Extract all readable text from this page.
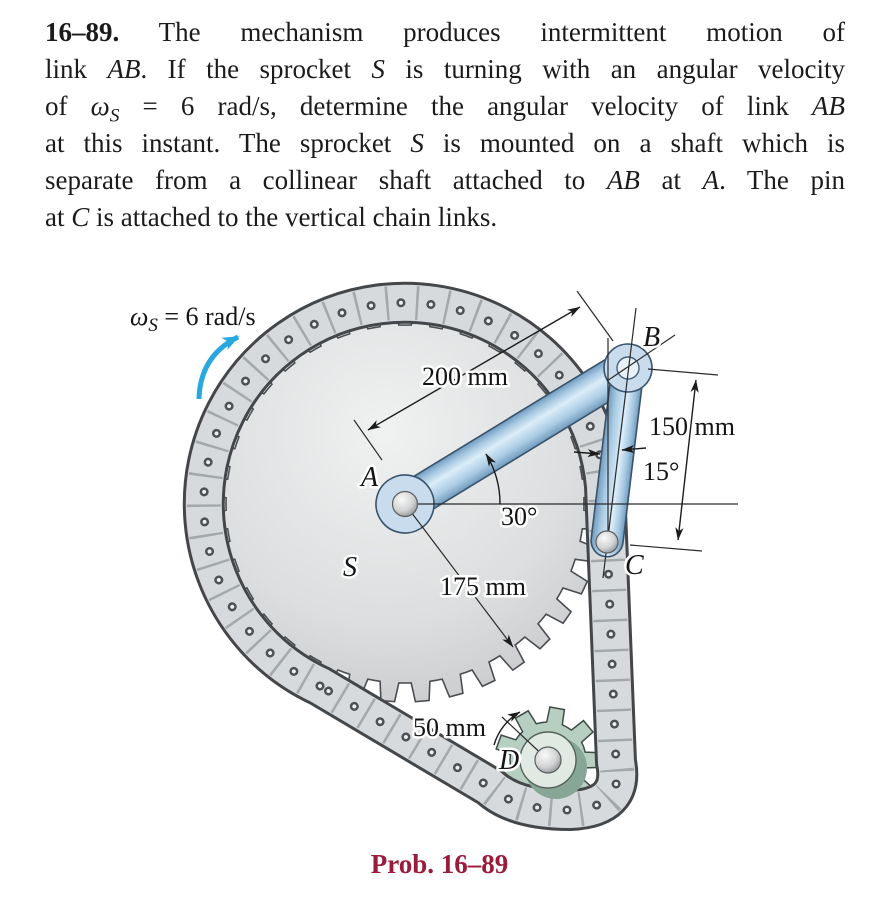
16–89. The mechanism produces intermittent motion of
link AB. If the sprocket S is turning with an angular velocity
of $\omega_S = 6$ rad/s, determine the angular velocity of link AB
at this instant. The sprocket S is mounted on a shaft which is
separate from a collinear shaft attached to AB at A. The pin
at C is attached to the vertical chain links.
$\omega_S = 6$ rad/s
200 mm
150 mm
175 mm
50 mm
30°
15°
A
B
C
D
S
Prob. 16–89
